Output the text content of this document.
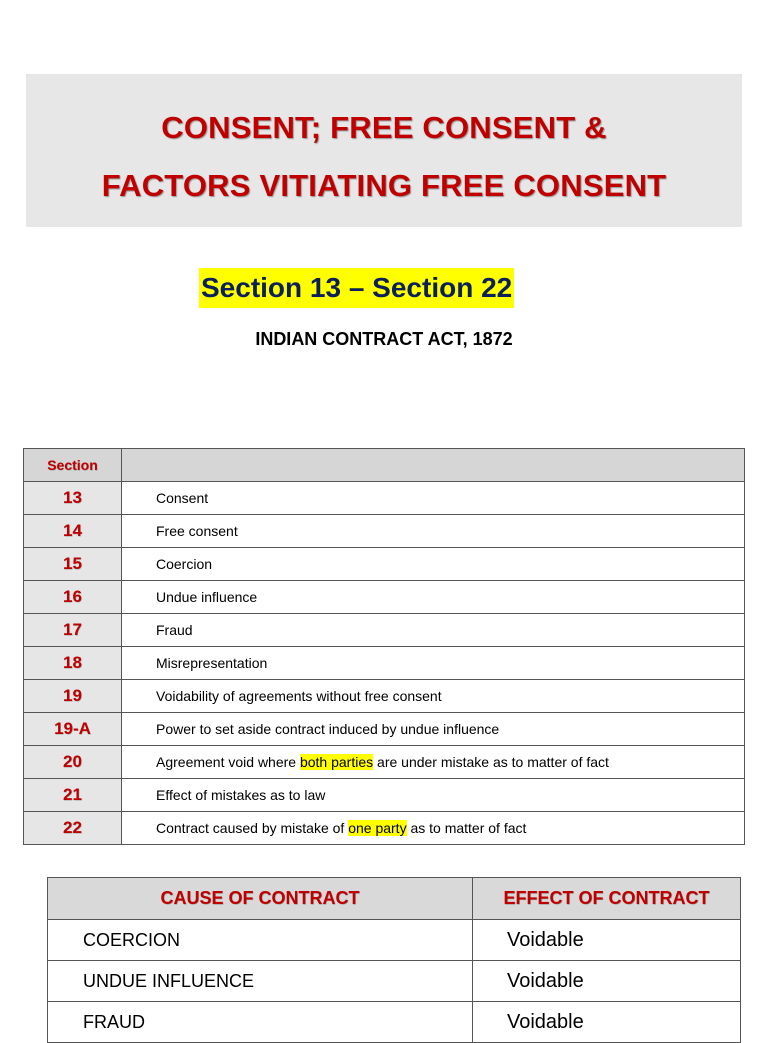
CONSENT; FREE CONSENT &
FACTORS VITIATING FREE CONSENT
Section 13 – Section 22
INDIAN CONTRACT ACT, 1872
Section	
13	Consent
14	Free consent
15	Coercion
16	Undue influence
17	Fraud
18	Misrepresentation
19	Voidability of agreements without free consent
19-A	Power to set aside contract induced by undue influence
20	Agreement void where both parties are under mistake as to matter of fact
21	Effect of mistakes as to law
22	Contract caused by mistake of one party as to matter of fact
CAUSE OF CONTRACT	EFFECT OF CONTRACT
COERCION	Voidable
UNDUE INFLUENCE	Voidable
FRAUD	Voidable
